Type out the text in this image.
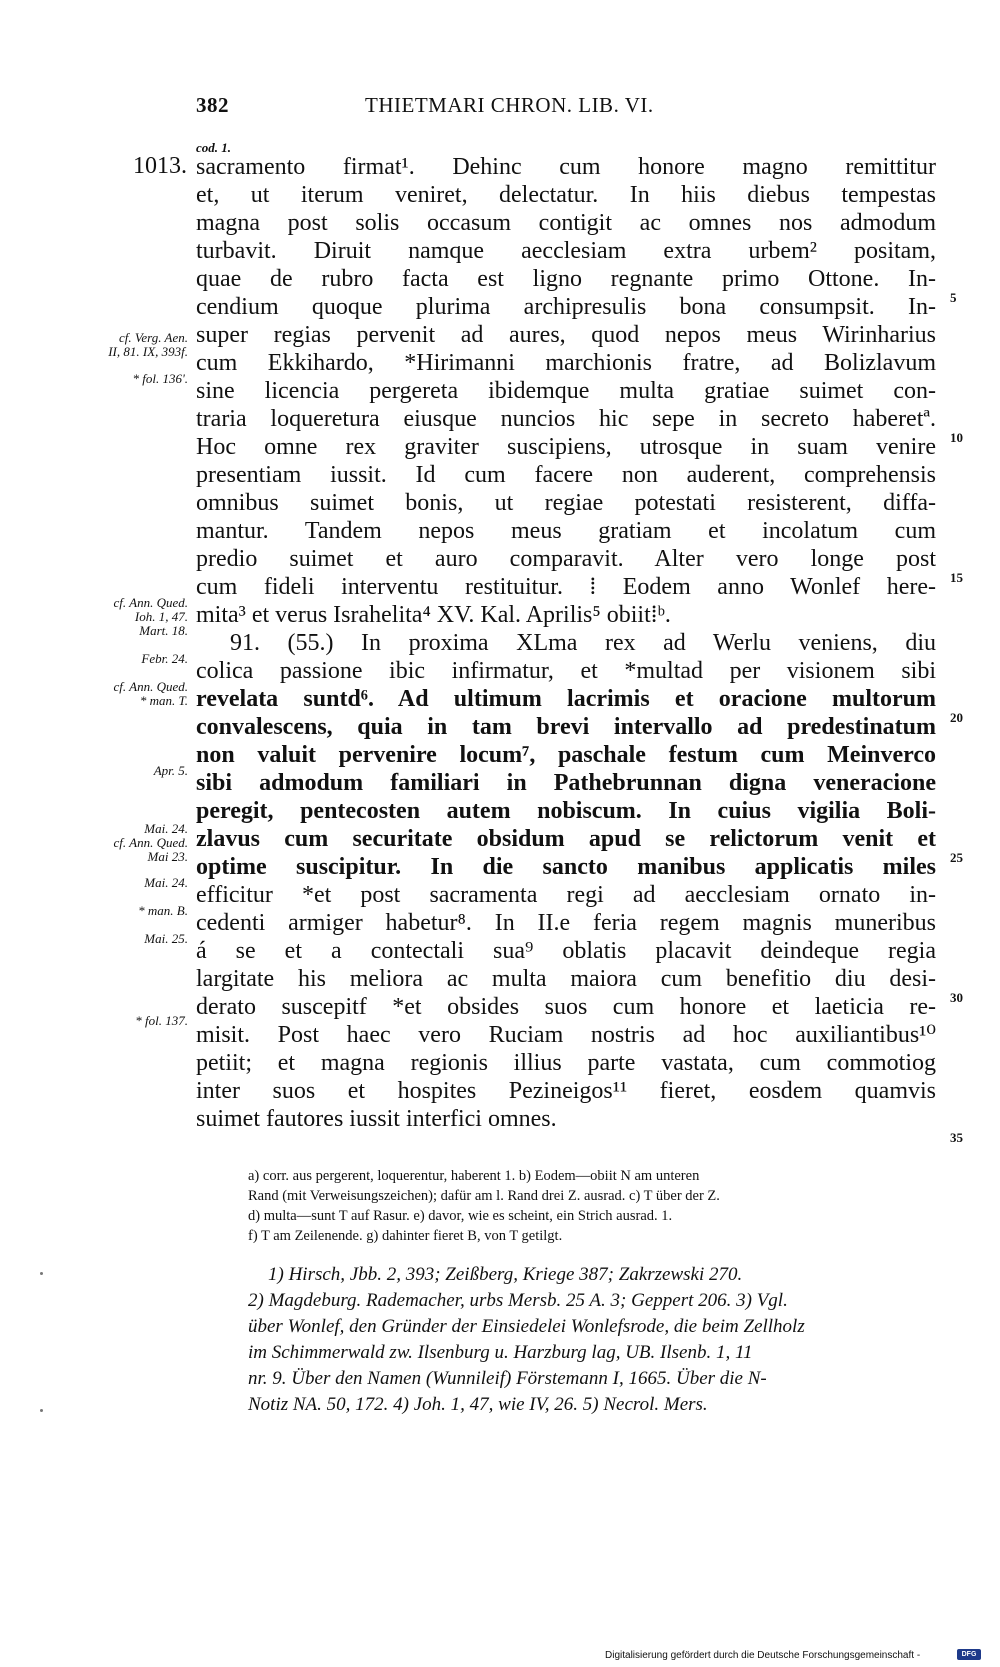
382	THIETMARI CHRON. LIB. VI.
cod. 1.
1013. sacramento firmat¹. Dehinc cum honore magno remittitur
et, ut iterum veniret, delectatur. In hiis diebus tempestas
magna post solis occasum contigit ac omnes nos admodum
turbavit. Diruit namque aecclesiam extra urbem² positam,
quae de rubro facta est ligno regnante primo Ottone. In-
cendium quoque plurima archipresulis bona consumpsit. In-
super regias pervenit ad aures, quod nepos meus Wirinharius
cum Ekkihardo, *Hirimanni marchionis fratre, ad Bolizlavum
sine licencia pergereta ibidemque multa gratiae suimet con-
traria loqueretura eiusque nuncios hic sepe in secreto haberetª.
Hoc omne rex graviter suscipiens, utrosque in suam venire
presentiam iussit. Id cum facere non auderent, comprehensis
omnibus suimet bonis, ut regiae potestati resisterent, diffa-
mantur. Tandem nepos meus gratiam et incolatum cum
predio suimet et auro comparavit. Alter vero longe post
cum fideli interventu restituitur. ⁞ Eodem anno Wonlef here-
mita³ et verus Israhelita⁴ XV. Kal. Aprilis⁵ obiit⁞ᵇ.
91. (55.) In proxima XLma rex ad Werlu veniens, diu
colica passione ibic infirmatur, et *multad per visionem sibi
revelata suntd⁶. Ad ultimum lacrimis et oracione multorum
convalescens, quia in tam brevi intervallo ad predestinatum
non valuit pervenire locum⁷, paschale festum cum Meinverco
sibi admodum familiari in Pathebrunnan digna veneracione
peregit, pentecosten autem nobiscum. In cuius vigilia Boli-
zlavus cum securitate obsidum apud se relictorum venit et
optime suscipitur. In die sancto manibus applicatis miles
efficitur *et post sacramenta regi ad aecclesiam ornato in-
cedenti armiger habetur⁸. In II.e feria regem magnis muneribus
á se et a contectali sua⁹ oblatis placavit deindeque regia
largitate his meliora ac multa maiora cum benefitio diu desi-
derato suscepitf *et obsides suos cum honore et laeticia re-
misit. Post haec vero Ruciam nostris ad hoc auxiliantibus¹⁰
petiit; et magna regionis illius parte vastata, cum commotiog
inter suos et hospites Pezineigos¹¹ fieret, eosdem quamvis
suimet fautores iussit interfici omnes.
5
10
15
20
25
30
35
cf. Verg. Aen.
II, 81. IX, 393f.
* fol. 136'.
cf. Ann. Qued.
Ioh. 1, 47.
Mart. 18.
Febr. 24.
cf. Ann. Qued.
* man. T.
Apr. 5.
Mai. 24.
cf. Ann. Qued.
Mai 23.
Mai. 24.
* man. B.
Mai. 25.
* fol. 137.
a) corr. aus pergerent, loquerentur, haberent 1. b) Eodem—obiit N am unteren
Rand (mit Verweisungszeichen); dafür am l. Rand drei Z. ausrad. c) T über der Z.
d) multa—sunt T auf Rasur. e) davor, wie es scheint, ein Strich ausrad. 1.
f) T am Zeilenende. g) dahinter fieret B, von T getilgt.
1) Hirsch, Jbb. 2, 393; Zeißberg, Kriege 387; Zakrzewski 270.
2) Magdeburg. Rademacher, urbs Mersb. 25 A. 3; Geppert 206. 3) Vgl.
über Wonlef, den Gründer der Einsiedelei Wonlefsrode, die beim Zellholz
im Schimmerwald zw. Ilsenburg u. Harzburg lag, UB. Ilsenb. 1, 11
nr. 9. Über den Namen (Wunnileif) Förstemann I, 1665. Über die N-
Notiz NA. 50, 172. 4) Joh. 1, 47, wie IV, 26. 5) Necrol. Mers.
Digitalisierung gefördert durch die Deutsche Forschungsgemeinschaft -	DFG
